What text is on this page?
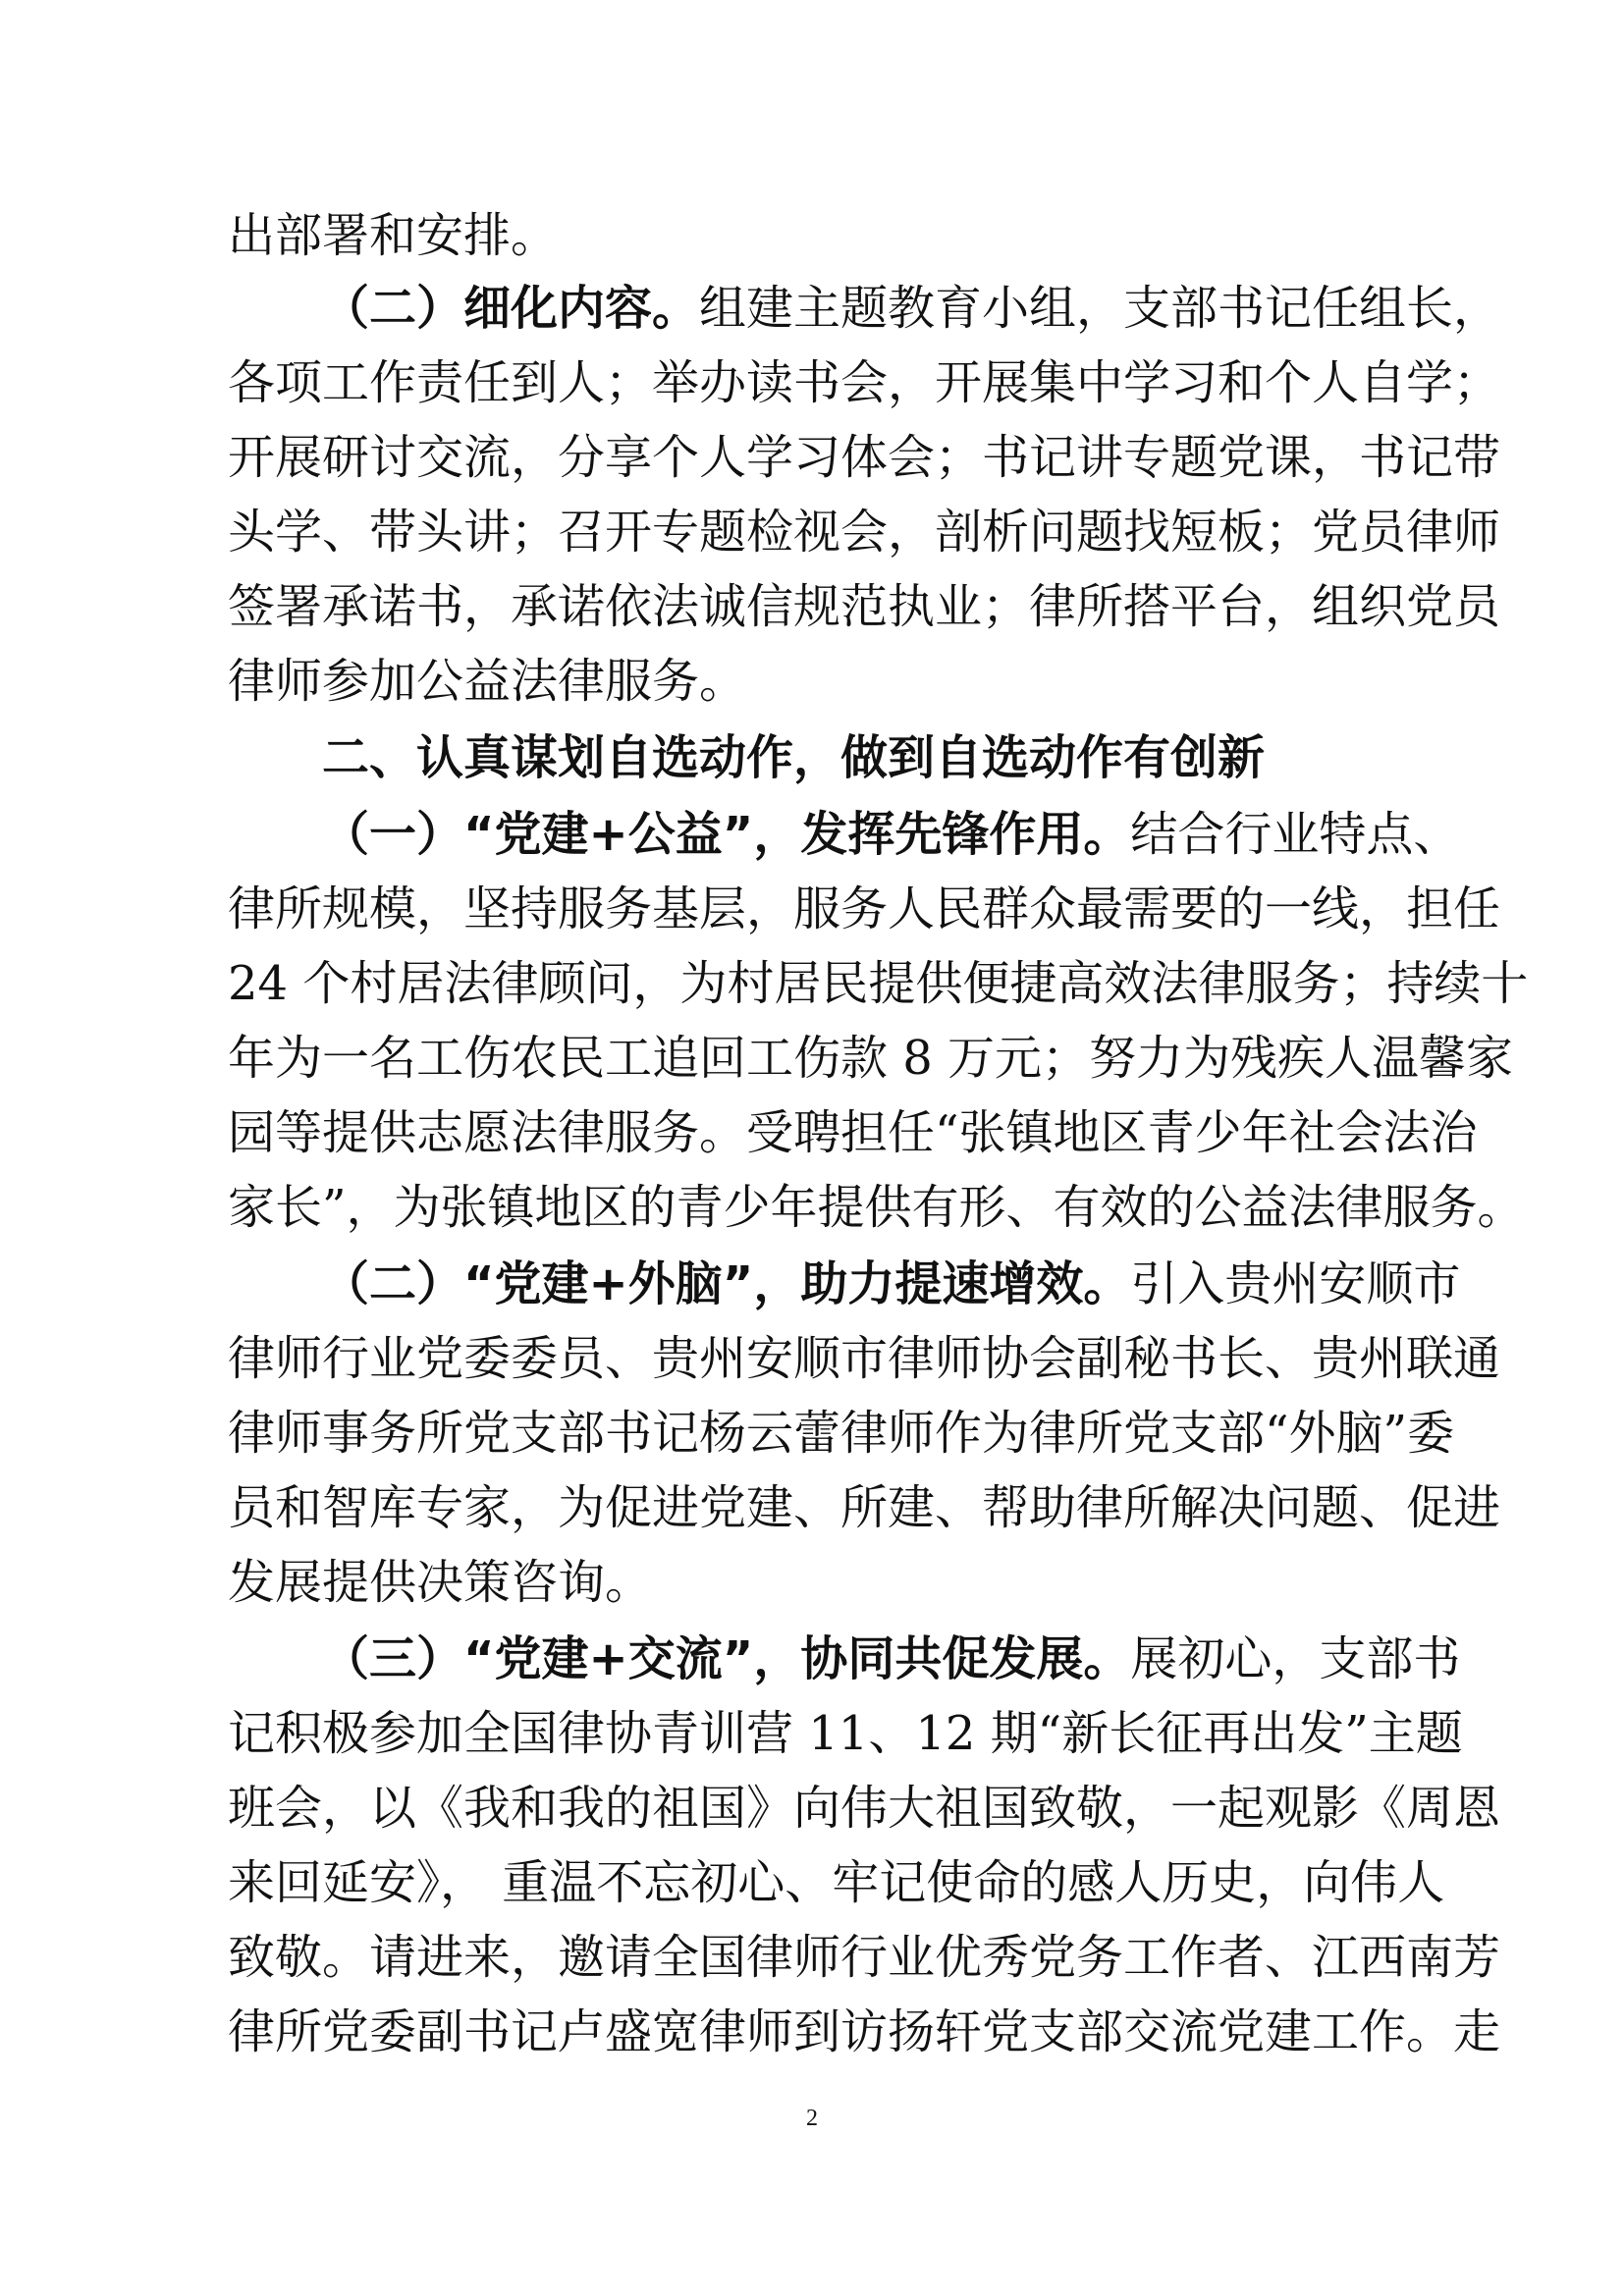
出部署和安排。
（二）细化内容。组建主题教育小组，支部书记任组长，
各项工作责任到人；举办读书会，开展集中学习和个人自学；
开展研讨交流，分享个人学习体会；书记讲专题党课，书记带
头学、带头讲；召开专题检视会，剖析问题找短板；党员律师
签署承诺书，承诺依法诚信规范执业；律所搭平台，组织党员
律师参加公益法律服务。
二、认真谋划自选动作，做到自选动作有创新
（一）“党建+公益”，发挥先锋作用。结合行业特点、
律所规模，坚持服务基层，服务人民群众最需要的一线，担任
24 个村居法律顾问，为村居民提供便捷高效法律服务；持续十
年为一名工伤农民工追回工伤款 8 万元；努力为残疾人温馨家
园等提供志愿法律服务。受聘担任“张镇地区青少年社会法治
家长”，为张镇地区的青少年提供有形、有效的公益法律服务。
（二）“党建+外脑”，助力提速增效。引入贵州安顺市
律师行业党委委员、贵州安顺市律师协会副秘书长、贵州联通
律师事务所党支部书记杨云蕾律师作为律所党支部“外脑”委
员和智库专家，为促进党建、所建、帮助律所解决问题、促进
发展提供决策咨询。
（三）“党建+交流”，协同共促发展。展初心，支部书
记积极参加全国律协青训营 11、12 期“新长征再出发”主题
班会，以《我和我的祖国》向伟大祖国致敬，一起观影《周恩
来回延安》， 重温不忘初心、牢记使命的感人历史，向伟人
致敬。请进来，邀请全国律师行业优秀党务工作者、江西南芳
律所党委副书记卢盛宽律师到访扬轩党支部交流党建工作。走
2
